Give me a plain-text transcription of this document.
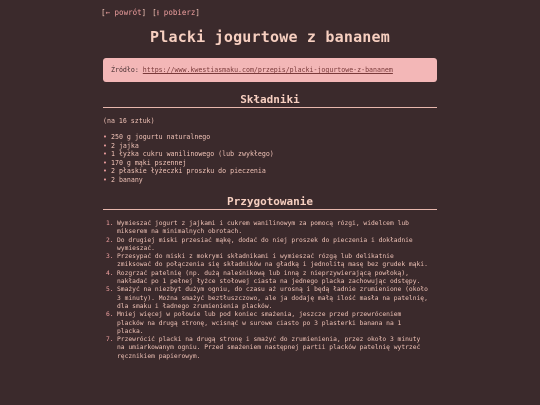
[← powrót] [⭳ pobierz]
Placki jogurtowe z bananem
Źródło: https://www.kwestiasmaku.com/przepis/placki-jogurtowe-z-bananem
Składniki
(na 16 sztuk)
• 250 g jogurtu naturalnego
• 2 jajka
• 1 łyżka cukru wanilinowego (lub zwykłego)
• 170 g mąki pszennej
• 2 płaskie łyżeczki proszku do pieczenia
• 2 banany
Przygotowanie
1. Wymieszać jogurt z jajkami i cukrem wanilinowym za pomocą rózgi, widelcem lub
mikserem na minimalnych obrotach.
2. Do drugiej miski przesiać mąkę, dodać do niej proszek do pieczenia i dokładnie
wymieszać.
3. Przesypać do miski z mokrymi składnikami i wymieszać rózgą lub delikatnie
zmiksować do połączenia się składników na gładką i jednolitą masę bez grudek mąki.
4. Rozgrzać patelnię (np. dużą naleśnikową lub inną z nieprzywierającą powłoką),
nakładać po 1 pełnej łyżce stołowej ciasta na jednego placka zachowując odstępy.
5. Smażyć na niezbyt dużym ogniu, do czasu aż urosną i będą ładnie zrumienione (około
3 minuty). Można smażyć beztłuszczowo, ale ja dodaję małą ilość masła na patelnię,
dla smaku i ładnego zrumienienia placków.
6. Mniej więcej w połowie lub pod koniec smażenia, jeszcze przed przewróceniem
placków na drugą stronę, wcisnąć w surowe ciasto po 3 plasterki banana na 1
placka.
7. Przewrócić placki na drugą stronę i smażyć do zrumienienia, przez około 3 minuty
na umiarkowanym ogniu. Przed smażeniem następnej partii placków patelnię wytrzeć
ręcznikiem papierowym.
